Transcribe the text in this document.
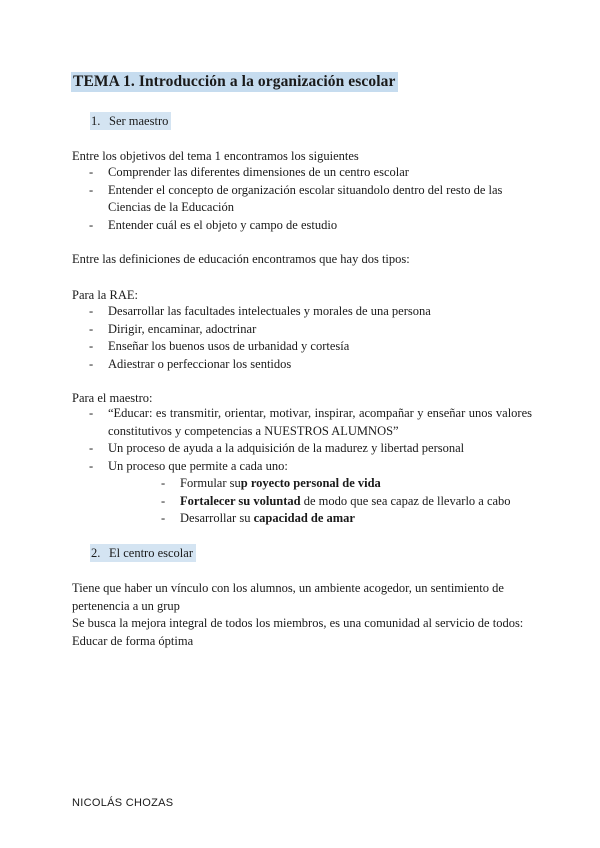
TEMA 1. Introducción a la organización escolar
1. Ser maestro

Entre los objetivos del tema 1 encontramos los siguientes

- Comprender las diferentes dimensiones de un centro escolar
- Entender el concepto de organización escolar situandolo dentro del resto de las Ciencias de la Educación
- Entender cuál es el objeto y campo de estudio

Entre las definiciones de educación encontramos que hay dos tipos:

Para la RAE:

- Desarrollar las facultades intelectuales y morales de una persona
- Dirigir, encaminar, adoctrinar
- Enseñar los buenos usos de urbanidad y cortesía
- Adiestrar o perfeccionar los sentidos

Para el maestro:

- “Educar: es transmitir, orientar, motivar, inspirar, acompañar y enseñar unos valores constitutivos y competencias a NUESTROS ALUMNOS”
- Un proceso de ayuda a la adquisición de la madurez y libertad personal
- Un proceso que permite a cada uno:
- Formular sup royecto personal de vida
- Fortalecer su voluntad de modo que sea capaz de llevarlo a cabo
- Desarrollar su capacidad de amar
2. El centro escolar

Tiene que haber un vínculo con los alumnos, un ambiente acogedor, un sentimiento de pertenencia a un grup

Se busca la mejora integral de todos los miembros, es una comunidad al servicio de todos: Educar de forma óptima

NICOLÁS CHOZAS
